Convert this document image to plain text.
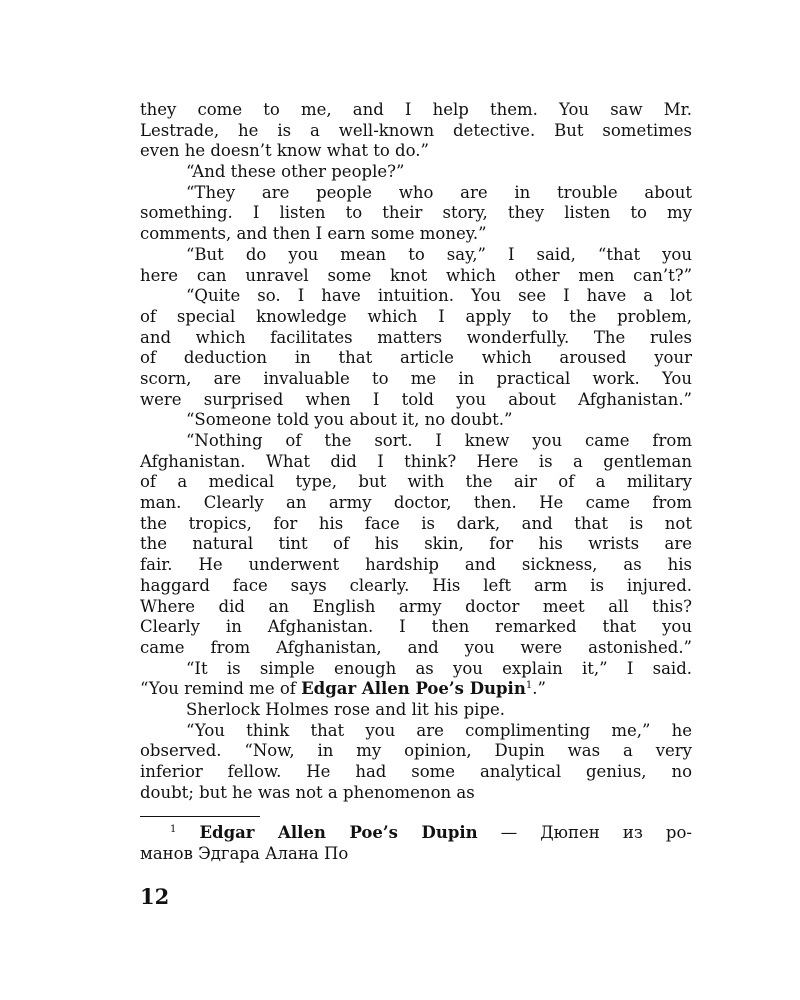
they come to me, and I help them. You saw Mr.
Lestrade, he is a well-known detective. But sometimes
even he doesn’t know what to do.”
“And these other people?”
“They are people who are in trouble about
something. I listen to their story, they listen to my
comments, and then I earn some money.”
“But do you mean to say,” I said, “that you
here can unravel some knot which other men can’t?”
“Quite so. I have intuition. You see I have a lot
of special knowledge which I apply to the problem,
and which facilitates matters wonderfully. The rules
of deduction in that article which aroused your
scorn, are invaluable to me in practical work. You
were surprised when I told you about Afghanistan.”
“Someone told you about it, no doubt.”
“Nothing of the sort. I knew you came from
Afghanistan. What did I think? Here is a gentleman
of a medical type, but with the air of a military
man. Clearly an army doctor, then. He came from
the tropics, for his face is dark, and that is not
the natural tint of his skin, for his wrists are
fair. He underwent hardship and sickness, as his
haggard face says clearly. His left arm is injured.
Where did an English army doctor meet all this?
Clearly in Afghanistan. I then remarked that you
came from Afghanistan, and you were astonished.”
“It is simple enough as you explain it,” I said.
“You remind me of Edgar Allen Poe’s Dupin$^1$.”
Sherlock Holmes rose and lit his pipe.
“You think that you are complimenting me,” he
observed. “Now, in my opinion, Dupin was a very
inferior fellow. He had some analytical genius, no
doubt; but he was not a phenomenon as
$^1$ Edgar Allen Poe’s Dupin — Дюпен из ро-
манов Эдгара Алана По
12
